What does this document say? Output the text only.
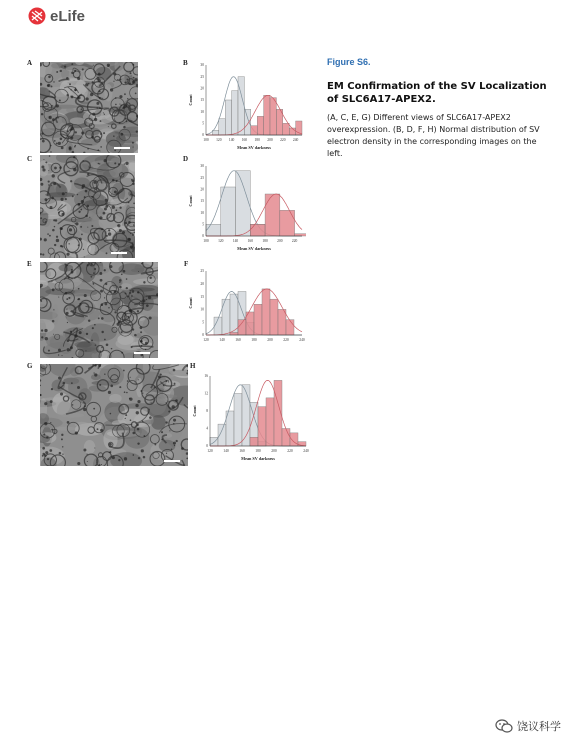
eLife
A	B
C	D
E	F
G	H
100 120 140 160 180 200 220 240
0
5
10
15
20
25
30
Mean SV darkness
Count
100	120	140	160	180	200	220
0
5
10
15
20
25
30
Mean SV darkness
Count
120	140	160	180	200	220	240
0
5
10
15
20
25
Count
120	140	160	180	200	220	240
0
4
8
12
16
Mean SV darkness
Count

Figure S6.

EM Confirmation of the SV Localization of SLC6A17-APEX2.

(A, C, E, G) Different views of SLC6A17-APEX2 overexpression. (B, D, F, H) Normal distribution of SV electron density in the corresponding images on the left.

饶议科学
